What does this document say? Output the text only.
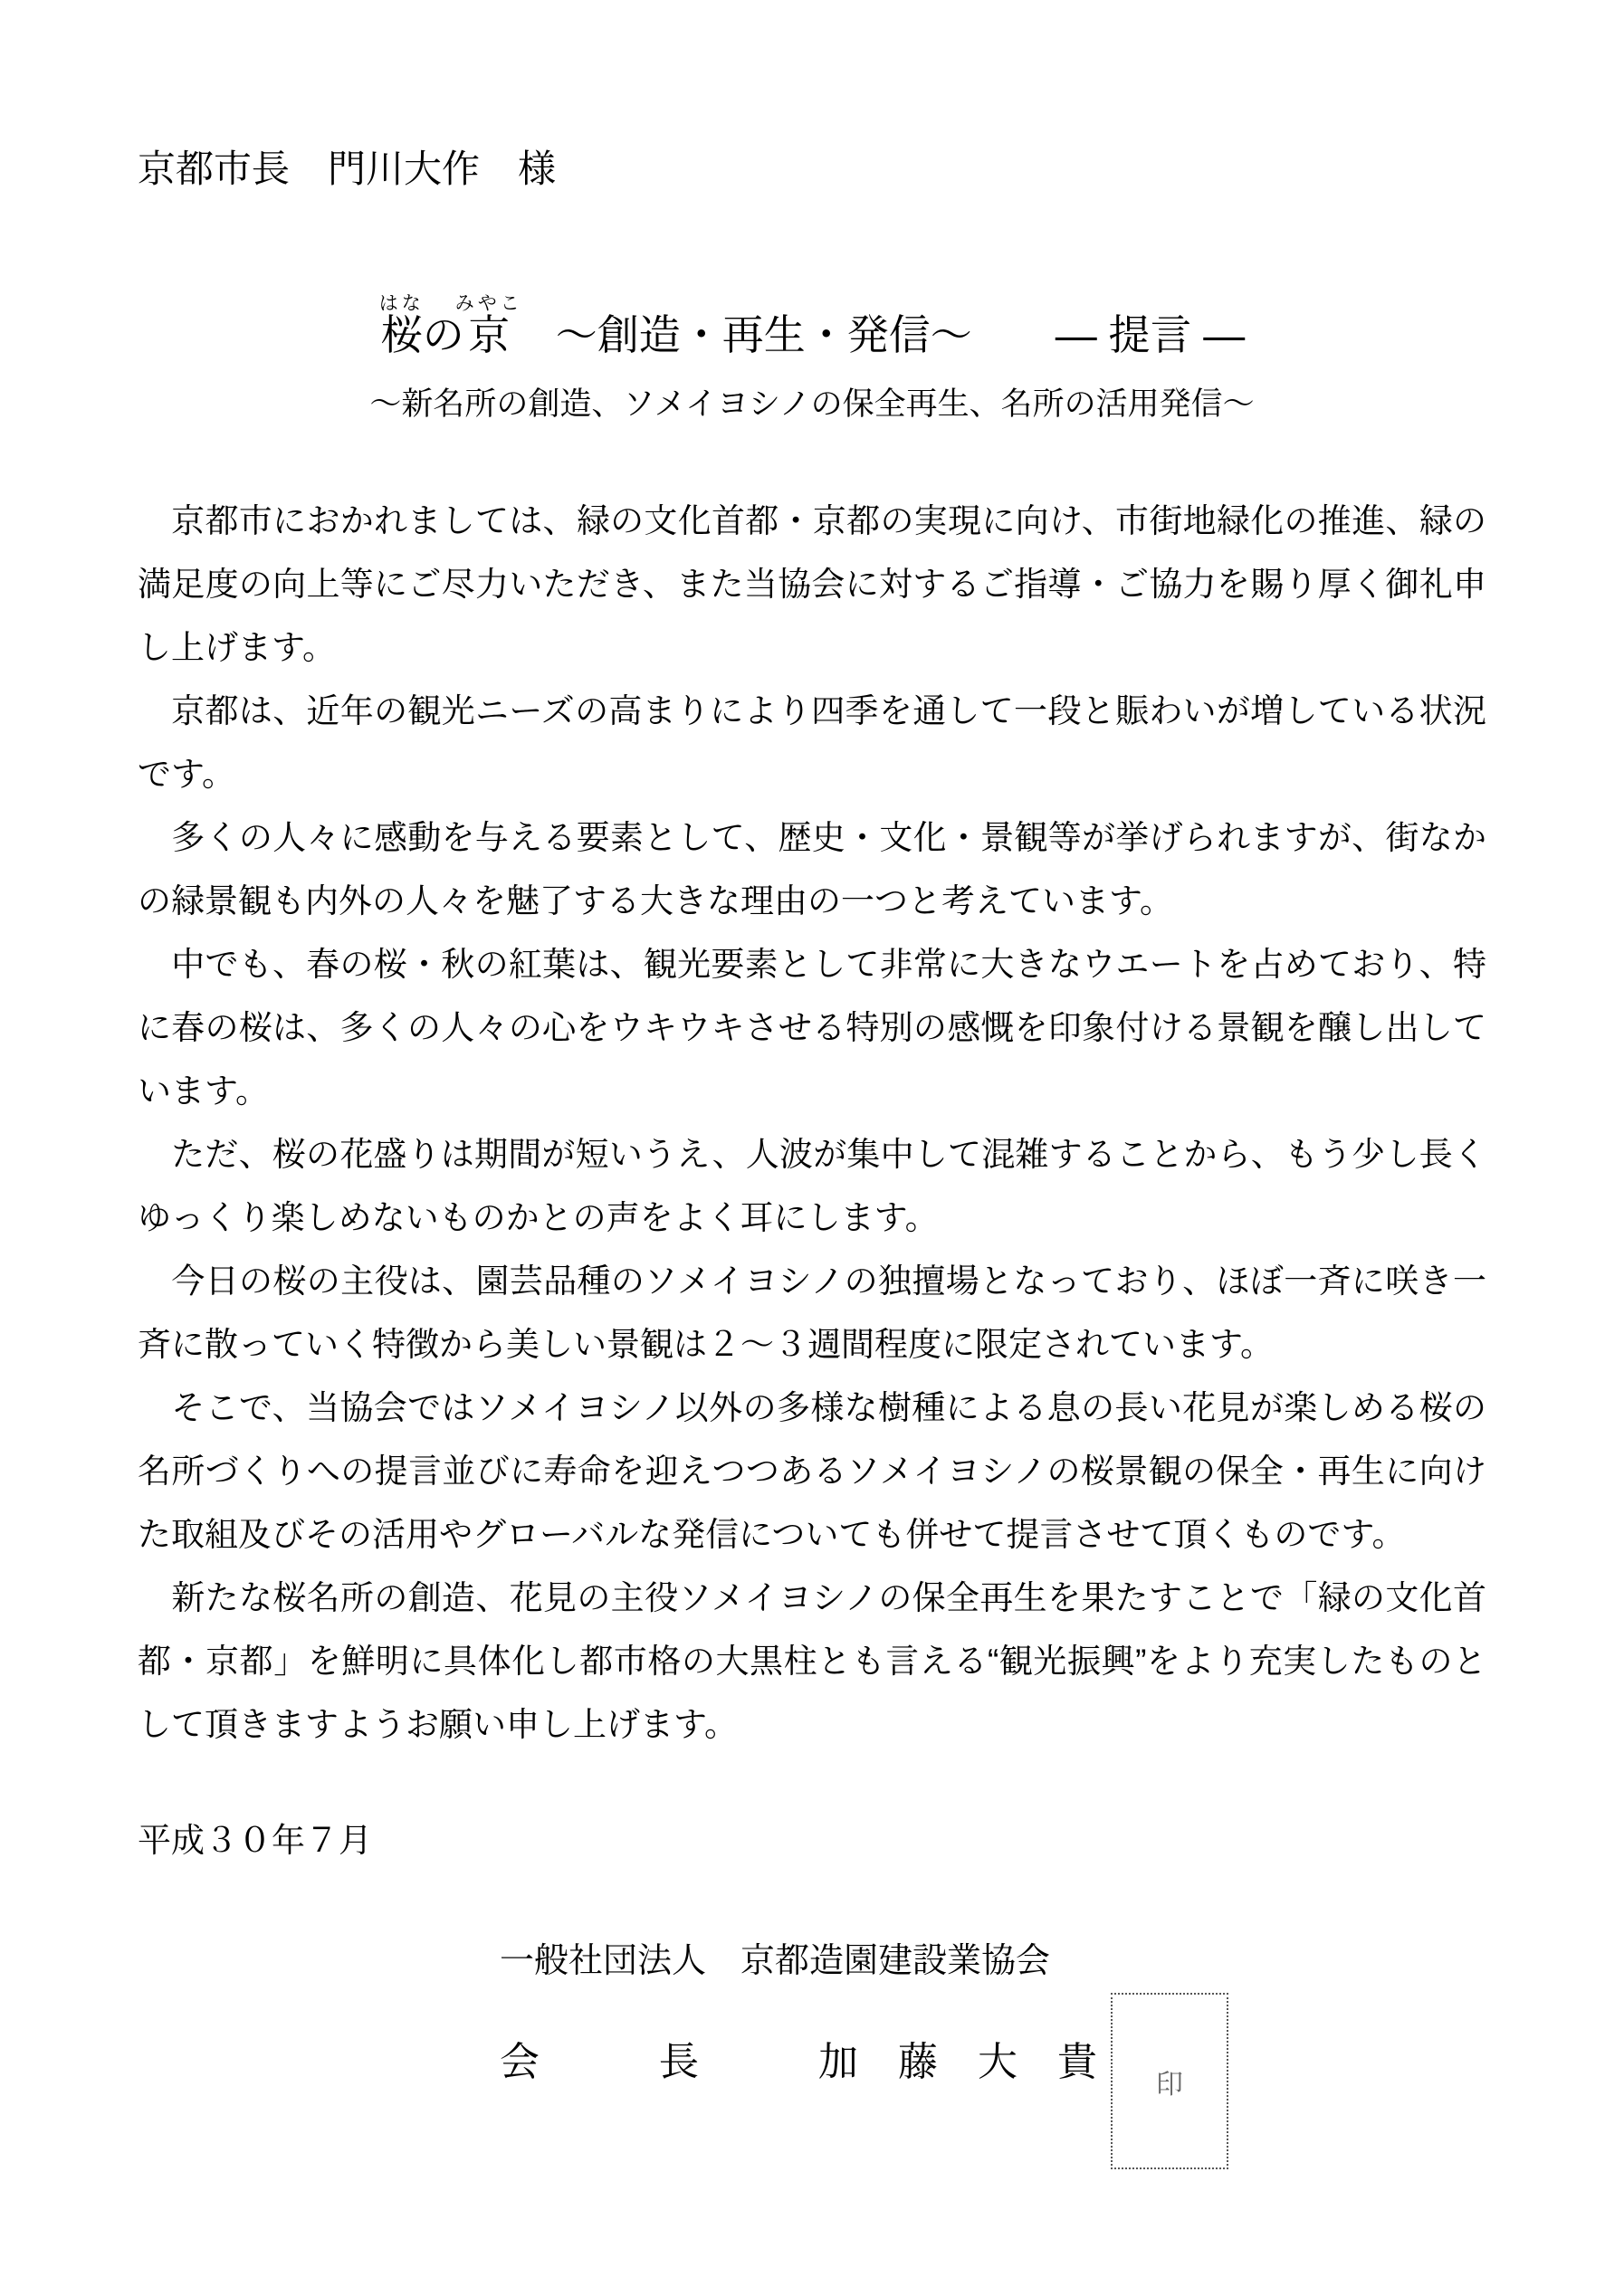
京都市長　門川大作　様

桜はなの京みやこ　～創造・再生・発信～　　― 提言 ―
～新名所の創造、ソメイヨシノの保全再生、名所の活用発信～

　京都市におかれましては、緑の文化首都・京都の実現に向け、市街地緑化の推進、緑の満足度の向上等にご尽力いただき、また当協会に対するご指導・ご協力を賜り厚く御礼申し上げます。

　京都は、近年の観光ニーズの高まりにより四季を通して一段と賑わいが増している状況です。

　多くの人々に感動を与える要素として、歴史・文化・景観等が挙げられますが、街なかの緑景観も内外の人々を魅了する大きな理由の一つと考えています。

　中でも、春の桜・秋の紅葉は、観光要素として非常に大きなウエートを占めており、特に春の桜は、多くの人々の心をウキウキさせる特別の感慨を印象付ける景観を醸し出しています。

　ただ、桜の花盛りは期間が短いうえ、人波が集中して混雑することから、もう少し長くゆっくり楽しめないものかとの声をよく耳にします。

　今日の桜の主役は、園芸品種のソメイヨシノの独擅場となっており、ほぼ一斉に咲き一斉に散っていく特徴から美しい景観は２～３週間程度に限定されています。

　そこで、当協会ではソメイヨシノ以外の多様な樹種による息の長い花見が楽しめる桜の名所づくりへの提言並びに寿命を迎えつつあるソメイヨシノの桜景観の保全・再生に向けた取組及びその活用やグローバルな発信についても併せて提言させて頂くものです。

　新たな桜名所の創造、花見の主役ソメイヨシノの保全再生を果たすことで「緑の文化首都・京都」を鮮明に具体化し都市格の大黒柱とも言える“観光振興”をより充実したものとして頂きますようお願い申し上げます。

平成３０年７月

一般社団法人　京都造園建設業協会

会　　　長　　　加　藤　大　貴	印
